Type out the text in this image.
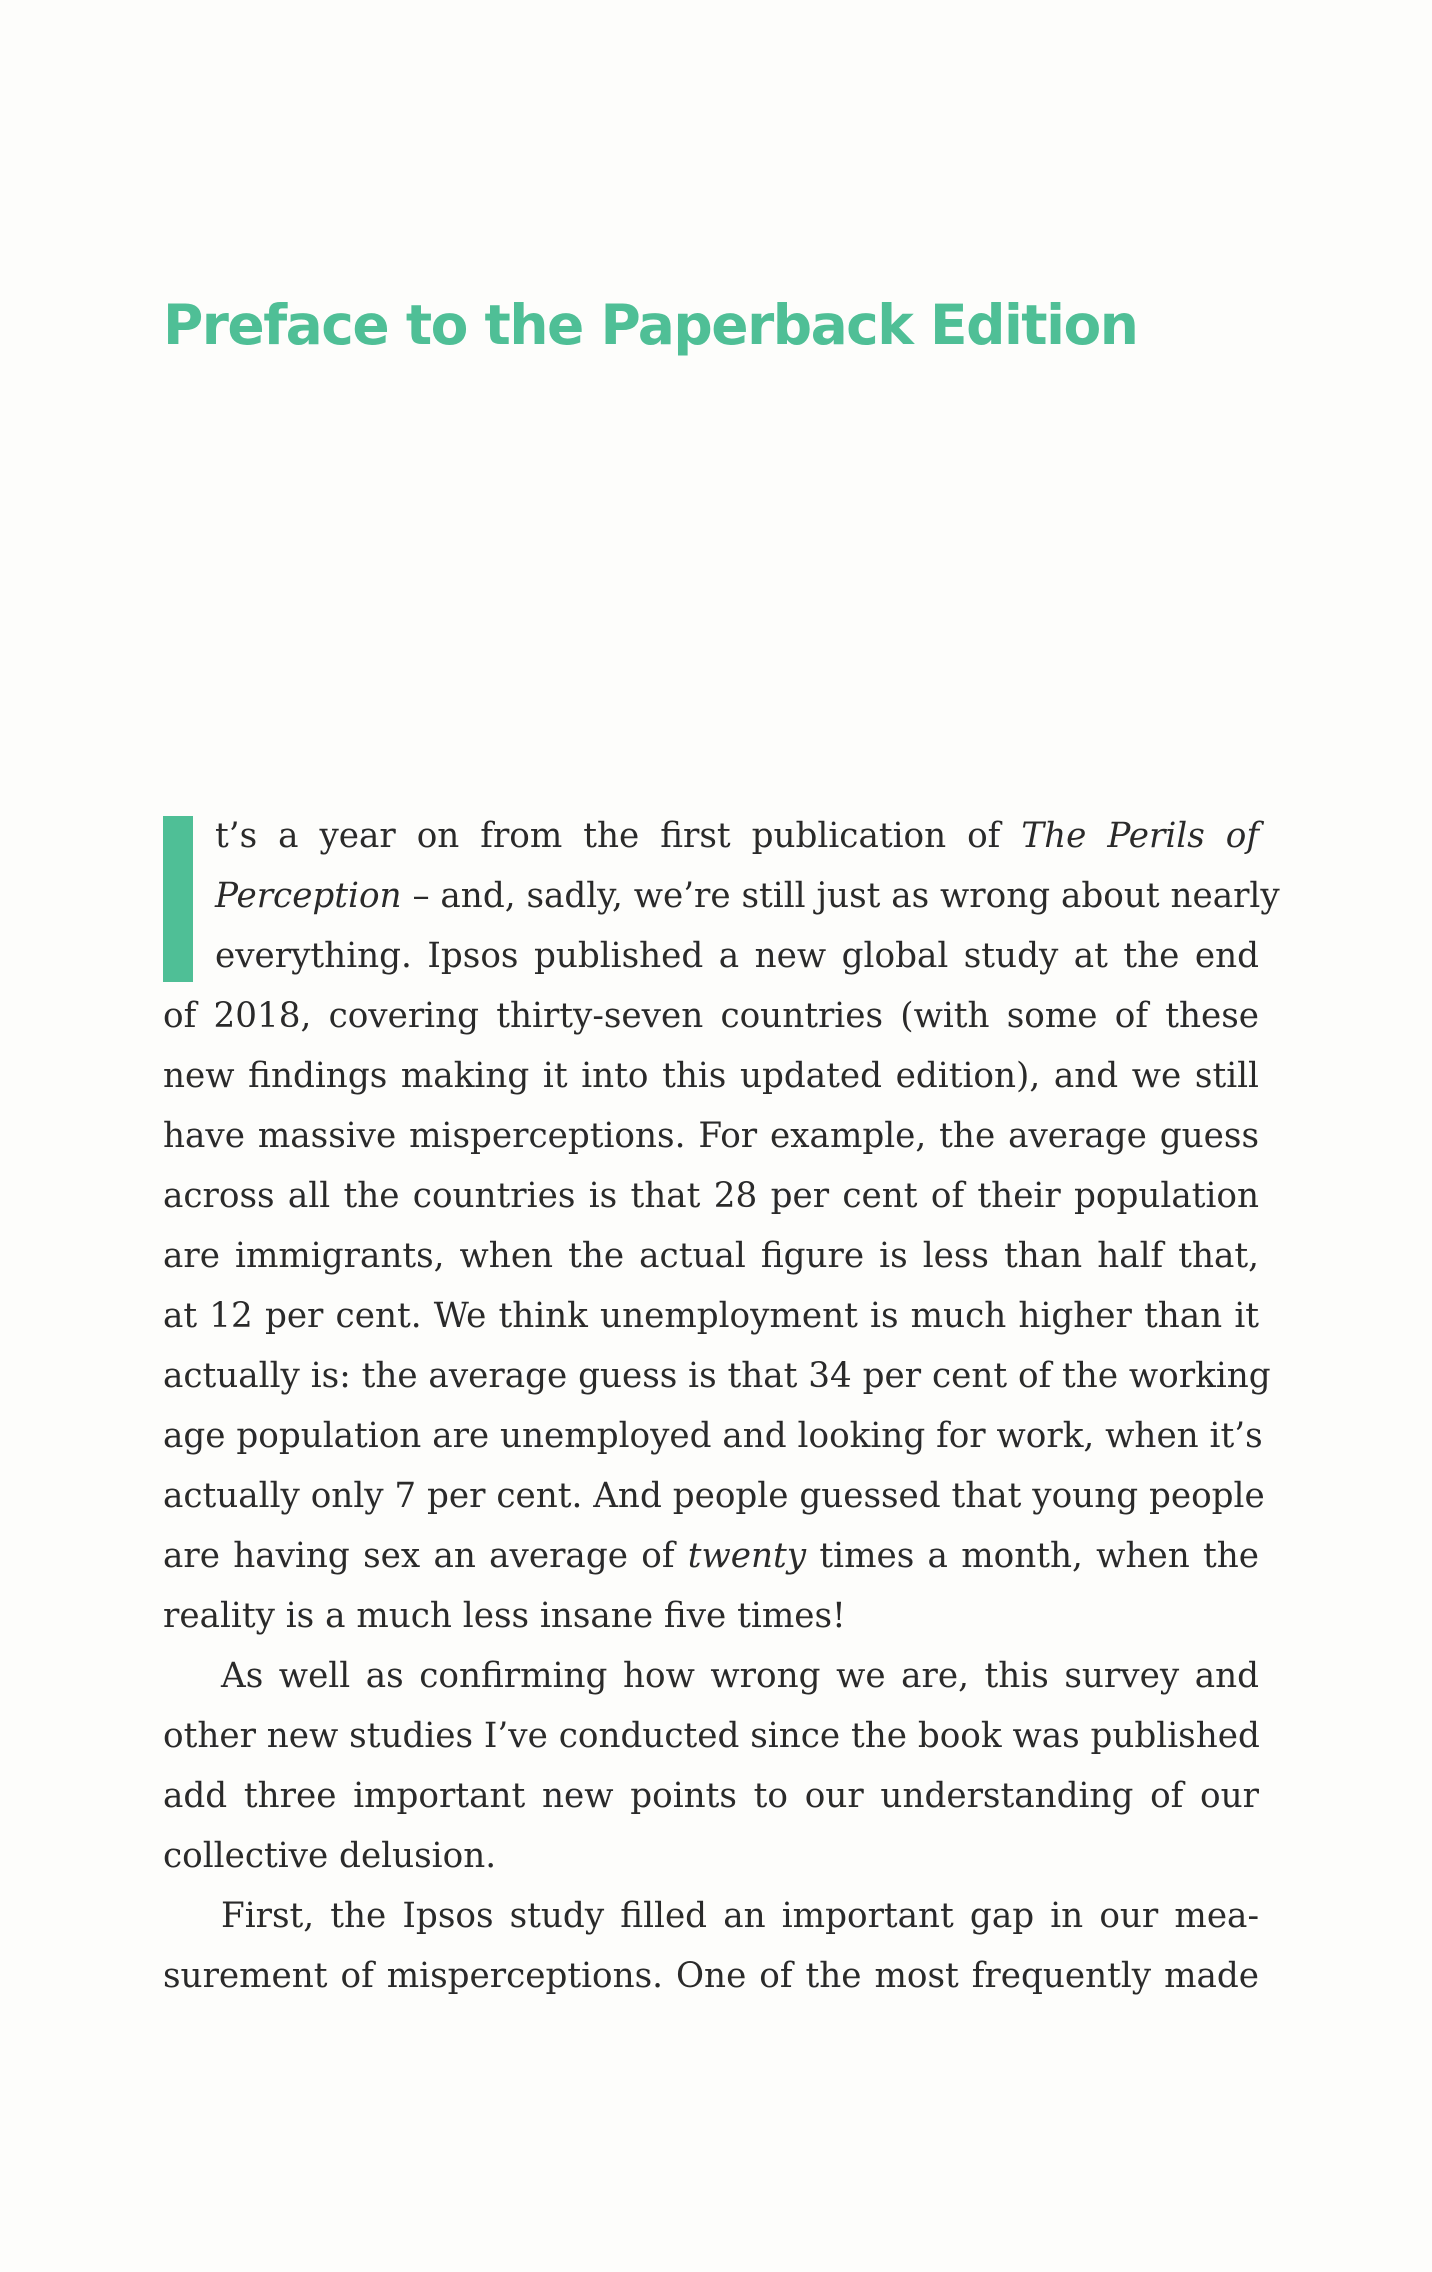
Preface to the Paperback Edition

t’s a year on from the first publication of The Perils of
Perception – and, sadly, we’re still just as wrong about nearly
everything. Ipsos published a new global study at the end
of 2018, covering thirty-seven countries (with some of these
new findings making it into this updated edition), and we still
have massive misperceptions. For example, the average guess
across all the countries is that 28 per cent of their population
are immigrants, when the actual figure is less than half that,
at 12 per cent. We think unemployment is much higher than it
actually is: the average guess is that 34 per cent of the working
age population are unemployed and looking for work, when it’s
actually only 7 per cent. And people guessed that young people
are having sex an average of twenty times a month, when the
reality is a much less insane five times!

As well as confirming how wrong we are, this survey and
other new studies I’ve conducted since the book was published
add three important new points to our understanding of our
collective delusion.

First, the Ipsos study filled an important gap in our mea-
surement of misperceptions. One of the most frequently made
